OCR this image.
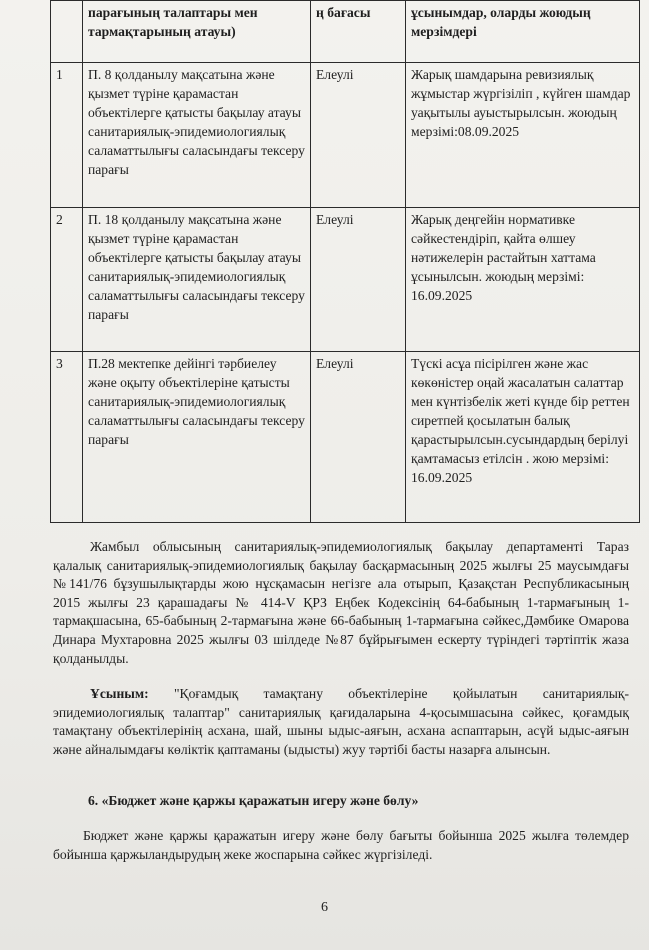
	парағының талаптары мен тармақтарының атауы)	ң бағасы	ұсынымдар, оларды жоюдың мерзімдері
1	П. 8 қолданылу мақсатына және қызмет түріне қарамастан объектілерге қатысты бақылау атауы санитариялық-эпидемиологиялық саламаттылығы саласындағы тексеру парағы	Елеулі	Жарық шамдарына ревизиялық жұмыстар жүргізіліп , күйген шамдар уақытылы ауыстырылсын. жоюдың мерзімі:08.09.2025
2	П. 18 қолданылу мақсатына және қызмет түріне қарамастан объектілерге қатысты бақылау атауы санитариялық-эпидемиологиялық саламаттылығы саласындағы тексеру парағы	Елеулі	Жарық деңгейін нормативке сәйкестендіріп, қайта өлшеу нәтижелерін растайтын хаттама ұсынылсын. жоюдың мерзімі: 16.09.2025
3	П.28 мектепке дейінгі тәрбиелеу және оқыту объектілеріне қатысты санитариялық-эпидемиологиялық саламаттылығы саласындағы тексеру парағы	Елеулі	Түскі асұа пісірілген және жас көкөністер оңай жасалатын салаттар мен күнтізбелік жеті күнде бір реттен сиретпей қосылатын балық қарастырылсын.сусындардың берілуі қамтамасыз етілсін . жою мерзімі: 16.09.2025
Жамбыл облысының санитариялық-эпидемиологиялық бақылау департаменті Тараз қалалық санитариялық-эпидемиологиялық бақылау басқармасының 2025 жылғы 25 маусымдағы №141/76 бұзушылықтарды жою нұсқамасын негізге ала отырып, Қазақстан Республикасының 2015 жылғы 23 қарашадағы № 414-V ҚРЗ Еңбек Кодексінің 64-бабының 1-тармағының 1-тармақшасына, 65-бабының 2-тармағына және 66-бабының 1-тармағына сәйкес,Дәмбике Омарова Динара Мухтаровна 2025 жылғы 03 шілдеде №87 бұйрығымен ескерту түріндегі тәртіптік жаза қолданылды.
Ұсыным: "Қоғамдық тамақтану объектілеріне қойылатын санитариялық-эпидемиологиялық талаптар" санитариялық қағидаларына 4-қосымшасына сәйкес, қоғамдық тамақтану объектілерінің асхана, шай, шыны ыдыс-аяғын, асхана аспаптарын, асүй ыдыс-аяғын және айналымдағы көліктік қаптаманы (ыдысты) жуу тәртібі басты назарға алынсын.
6. «Бюджет және қаржы қаражатын игеру және бөлу»
Бюджет және қаржы қаражатын игеру және бөлу бағыты бойынша 2025 жылға төлемдер бойынша қаржыландырудың жеке жоспарына сәйкес жүргізіледі.
6
